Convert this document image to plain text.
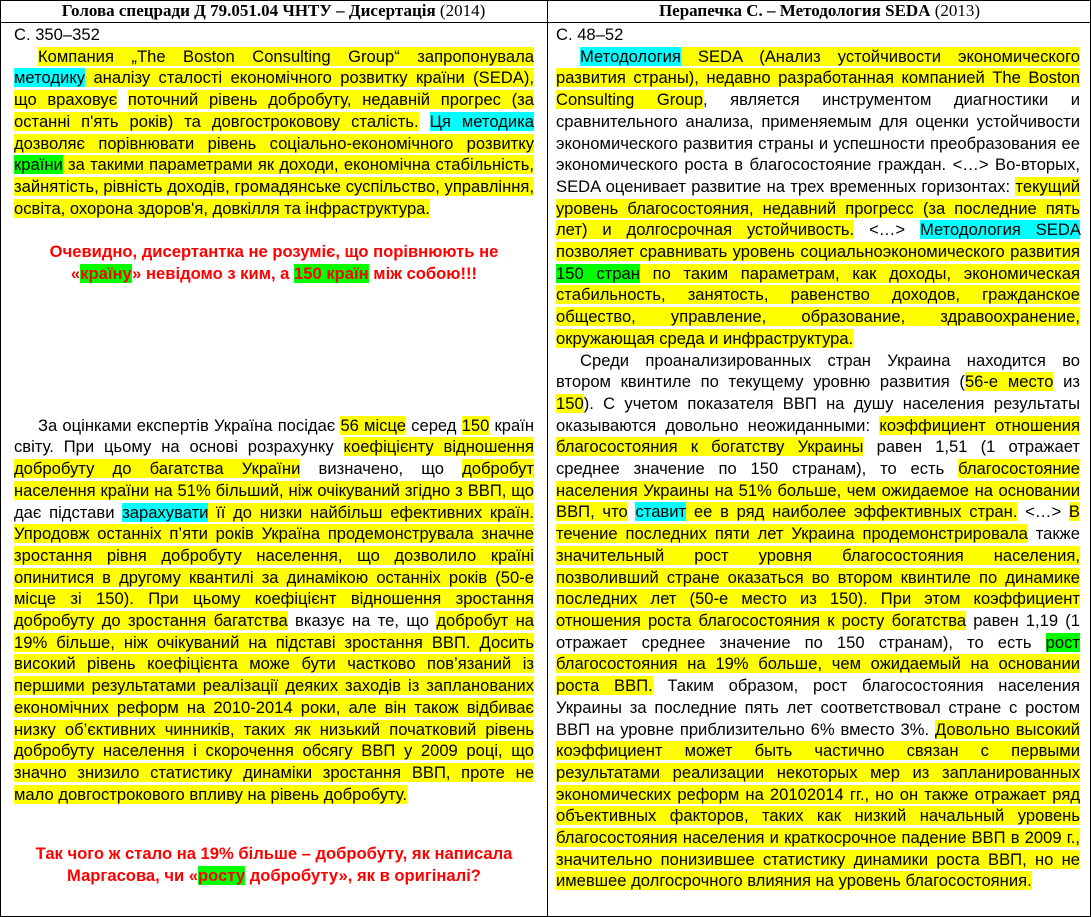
Голова спецради Д 79.051.04 ЧНТУ – Дисертація (2014)	Перапечка С. – Методология SEDA (2013)

С. 350–352

Компания „The Boston Consulting Group“ запропонувала методику аналізу сталості економічного розвитку країни (SEDA), що враховує поточний рівень добробуту, недавній прогрес (за останні п'ять років) та довгостроковову сталість. Ця методика дозволяє порівнювати рівень соціально-економічного розвитку країни за такими параметрами як доходи, економічна стабільність, зайнятість, рівність доходів, громадянське суспільство, управління, освіта, охорона здоров'я, довкілля та інфраструктура.

Очевидно, дисертантка не розуміє, що порівнюють не «країну» невідомо з ким, а 150 країн між собою!!!

За оцінками експертів Україна посідає 56 місце серед 150 країн світу. При цьому на основі розрахунку коефіцієнту відношення добробуту до багатства України визначено, що добробут населення країни на 51% більший, ніж очікуваний згідно з ВВП, що дає підстави зарахувати її до низки найбільш ефективних країн. Упродовж останніх п’яти років Україна продемонструвала значне зростання рівня добробуту населення, що дозволило країні опинитися в другому квантилі за динамікою останніх років (50-е місце зі 150). При цьому коефіцієнт відношення зростання добробуту до зростання багатства вказує на те, що добробут на 19% більше, ніж очікуваний на підставі зростання ВВП. Досить високий рівень коефіцієнта може бути частково пов’язаний із першими результатами реалізації деяких заходів із запланованих економічних реформ на 2010-2014 роки, але він також відбиває низку об’єктивних чинників, таких як низький початковий рівень добробуту населення і скорочення обсягу ВВП у 2009 році, що значно знизило статистику динаміки зростання ВВП, проте не мало довгострокового впливу на рівень добробуту.

Так чого ж стало на 19% більше – добробуту, як написала Маргасова, чи «росту добробуту», як в оригіналі?

С. 48–52

Методология SEDA (Анализ устойчивости экономического развития страны), недавно разработанная компанией The Boston Consulting Group, является инструментом диагностики и сравнительного анализа, применяемым для оценки устойчивости экономического развития страны и успешности преобразования ее экономического роста в благосостояние граждан. <…> Во-вторых, SEDA оценивает развитие на трех временных горизонтах: текущий уровень благосостояния, недавний прогресс (за последние пять лет) и долгосрочная устойчивость. <…> Методология SEDA позволяет сравнивать уровень социальноэкономического развития 150 стран по таким параметрам, как доходы, экономическая стабильность, занятость, равенство доходов, гражданское общество, управление, образование, здравоохранение, окружающая среда и инфраструктура.

Среди проанализированных стран Украина находится во втором квинтиле по текущему уровню развития (56-е место из 150). С учетом показателя ВВП на душу населения результаты оказываются довольно неожиданными: коэффициент отношения благосостояния к богатству Украины равен 1,51 (1 отражает среднее значение по 150 странам), то есть благосостояние населения Украины на 51% больше, чем ожидаемое на основании ВВП, что ставит ее в ряд наиболее эффективных стран. <…> В течение последних пяти лет Украина продемонстрировала также значительный рост уровня благосостояния населения, позволивший стране оказаться во втором квинтиле по динамике последних лет (50-е место из 150). При этом коэффициент отношения роста благосостояния к росту богатства равен 1,19 (1 отражает среднее значение по 150 странам), то есть рост благосостояния на 19% больше, чем ожидаемый на основании роста ВВП. Таким образом, рост благосостояния населения Украины за последние пять лет соответствовал стране с ростом ВВП на уровне приблизительно 6% вместо 3%. Довольно высокий коэффициент может быть частично связан с первыми результатами реализации некоторых мер из запланированных экономических реформ на 20102014 гг., но он также отражает ряд объективных факторов, таких как низкий начальный уровень благосостояния населения и краткосрочное падение ВВП в 2009 г., значительно понизившее статистику динамики роста ВВП, но не имевшее долгосрочного влияния на уровень благосостояния.
